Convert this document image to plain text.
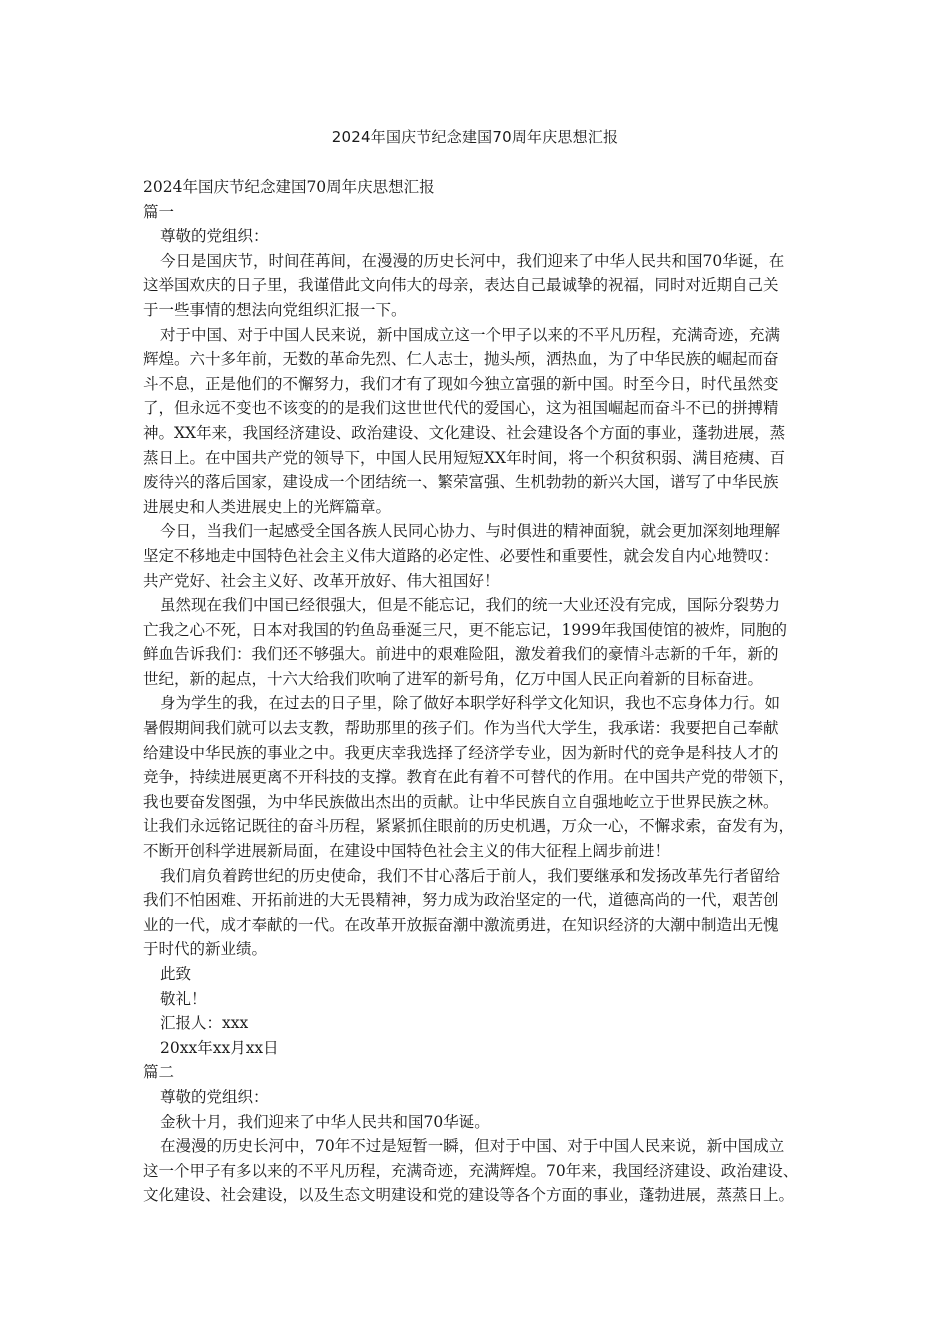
2024年国庆节纪念建国70周年庆思想汇报
2024年国庆节纪念建国70周年庆思想汇报
篇一
尊敬的党组织：
今日是国庆节，时间荏苒间，在漫漫的历史长河中，我们迎来了中华人民共和国70华诞，在
这举国欢庆的日子里，我谨借此文向伟大的母亲，表达自己最诚挚的祝福，同时对近期自己关
于一些事情的想法向党组织汇报一下。
对于中国、对于中国人民来说，新中国成立这一个甲子以来的不平凡历程，充满奇迹，充满
辉煌。六十多年前，无数的革命先烈、仁人志士，抛头颅，洒热血，为了中华民族的崛起而奋
斗不息，正是他们的不懈努力，我们才有了现如今独立富强的新中国。时至今日，时代虽然变
了，但永远不变也不该变的的是我们这世世代代的爱国心，这为祖国崛起而奋斗不已的拼搏精
神。XX年来，我国经济建设、政治建设、文化建设、社会建设各个方面的事业，蓬勃进展，蒸
蒸日上。在中国共产党的领导下，中国人民用短短XX年时间，将一个积贫积弱、满目疮痍、百
废待兴的落后国家，建设成一个团结统一、繁荣富强、生机勃勃的新兴大国，谱写了中华民族
进展史和人类进展史上的光辉篇章。
今日，当我们一起感受全国各族人民同心协力、与时俱进的精神面貌，就会更加深刻地理解
坚定不移地走中国特色社会主义伟大道路的必定性、必要性和重要性，就会发自内心地赞叹：
共产党好、社会主义好、改革开放好、伟大祖国好！
虽然现在我们中国已经很强大，但是不能忘记，我们的统一大业还没有完成，国际分裂势力
亡我之心不死，日本对我国的钓鱼岛垂涎三尺，更不能忘记，1999年我国使馆的被炸，同胞的
鲜血告诉我们：我们还不够强大。前进中的艰难险阻，激发着我们的豪情斗志新的千年，新的
世纪，新的起点，十六大给我们吹响了进军的新号角，亿万中国人民正向着新的目标奋进。
身为学生的我，在过去的日子里，除了做好本职学好科学文化知识，我也不忘身体力行。如
暑假期间我们就可以去支教，帮助那里的孩子们。作为当代大学生，我承诺：我要把自己奉献
给建设中华民族的事业之中。我更庆幸我选择了经济学专业，因为新时代的竞争是科技人才的
竞争，持续进展更离不开科技的支撑。教育在此有着不可替代的作用。在中国共产党的带领下，
我也要奋发图强，为中华民族做出杰出的贡献。让中华民族自立自强地屹立于世界民族之林。
让我们永远铭记既往的奋斗历程，紧紧抓住眼前的历史机遇，万众一心，不懈求索，奋发有为，
不断开创科学进展新局面，在建设中国特色社会主义的伟大征程上阔步前进！
我们肩负着跨世纪的历史使命，我们不甘心落后于前人，我们要继承和发扬改革先行者留给
我们不怕困难、开拓前进的大无畏精神，努力成为政治坚定的一代，道德高尚的一代，艰苦创
业的一代，成才奉献的一代。在改革开放振奋潮中激流勇进，在知识经济的大潮中制造出无愧
于时代的新业绩。
此致
敬礼！
汇报人：xxx
20xx年xx月xx日
篇二
尊敬的党组织：
金秋十月，我们迎来了中华人民共和国70华诞。
在漫漫的历史长河中，70年不过是短暂一瞬，但对于中国、对于中国人民来说，新中国成立
这一个甲子有多以来的不平凡历程，充满奇迹，充满辉煌。70年来，我国经济建设、政治建设、
文化建设、社会建设，以及生态文明建设和党的建设等各个方面的事业，蓬勃进展，蒸蒸日上。
